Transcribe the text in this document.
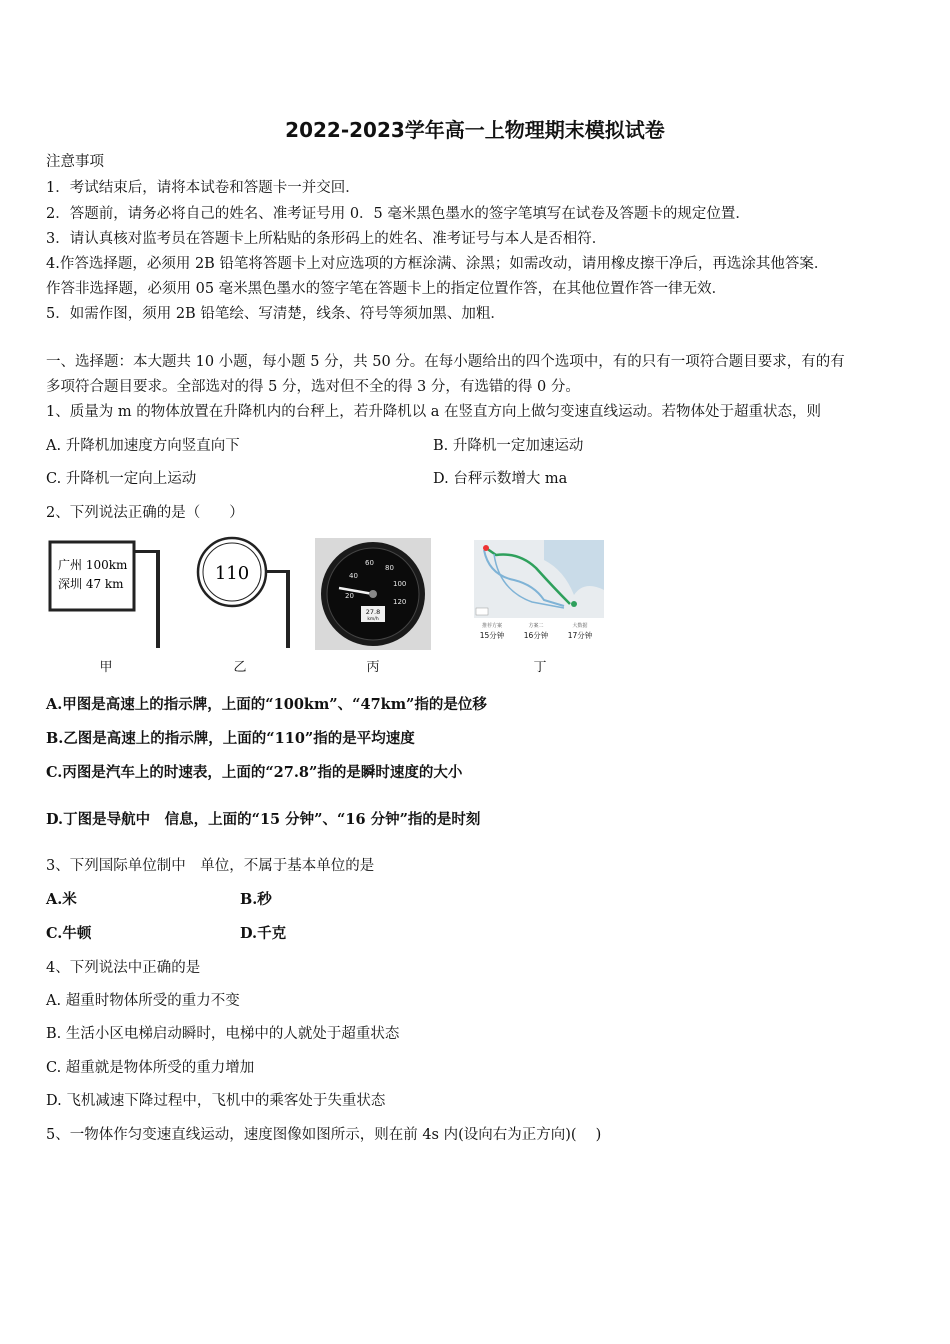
2022-2023学年高一上物理期末模拟试卷
注意事项
1．考试结束后，请将本试卷和答题卡一并交回．
2．答题前，请务必将自己的姓名、准考证号用 0．5 毫米黑色墨水的签字笔填写在试卷及答题卡的规定位置．
3．请认真核对监考员在答题卡上所粘贴的条形码上的姓名、准考证号与本人是否相符．
4.作答选择题，必须用 2B 铅笔将答题卡上对应选项的方框涂满、涂黑；如需改动，请用橡皮擦干净后，再选涂其他答案．
作答非选择题，必须用 05 毫米黑色墨水的签字笔在答题卡上的指定位置作答，在其他位置作答一律无效．
5．如需作图，须用 2B 铅笔绘、写清楚，线条、符号等须加黑、加粗．
一、选择题：本大题共 10 小题，每小题 5 分，共 50 分。在每小题给出的四个选项中，有的只有一项符合题目要求，有的有
多项符合题目要求。全部选对的得 5 分，选对但不全的得 3 分，有选错的得 0 分。
1、质量为 m 的物体放置在升降机内的台秤上，若升降机以 a 在竖直方向上做匀变速直线运动。若物体处于超重状态，则
A. 升降机加速度方向竖直向下	B. 升降机一定加速运动
C. 升降机一定向上运动	D. 台秤示数增大 ma
2、下列说法正确的是（　　）
广州 100km
深圳 47 km
甲
110
乙
20
40
60
80
100
120
27.8
km/h
丙
推荐方案	方案二	大数据
15分钟	16分钟	17分钟
丁
A.甲图是高速上的指示牌，上面的“100km”、“47km”指的是位移
B.乙图是高速上的指示牌，上面的“110”指的是平均速度
C.丙图是汽车上的时速表，上面的“27.8”指的是瞬时速度的大小
D.丁图是导航中　信息，上面的“15 分钟”、“16 分钟”指的是时刻
3、下列国际单位制中　单位，不属于基本单位的是
A.米	B.秒
C.牛顿	D.千克
4、下列说法中正确的是
A. 超重时物体所受的重力不变
B. 生活小区电梯启动瞬时，电梯中的人就处于超重状态
C. 超重就是物体所受的重力增加
D. 飞机减速下降过程中，飞机中的乘客处于失重状态
5、一物体作匀变速直线运动，速度图像如图所示，则在前 4s 内(设向右为正方向)(　 )
